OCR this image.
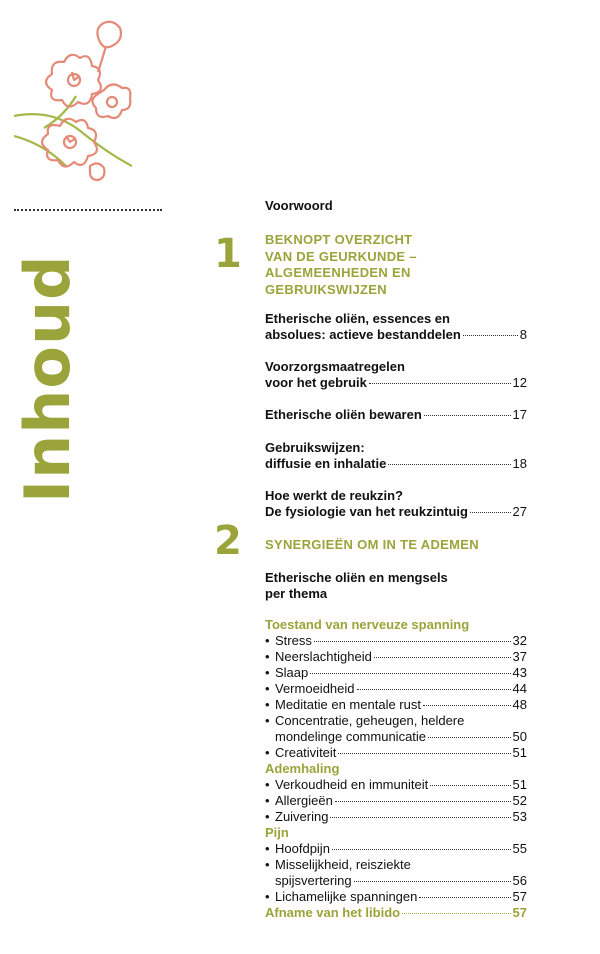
Inhoud
1
2
Voorwoord
BEKNOPT OVERZICHT
VAN DE GEURKUNDE –
ALGEMEENHEDEN EN
GEBRUIKSWIJZEN
Etherische oliën, essences en
absolues: actieve bestanddelen	8
Voorzorgsmaatregelen
voor het gebruik	12
Etherische oliën bewaren	17
Gebruikswijzen:
diffusie en inhalatie	18
Hoe werkt de reukzin?
De fysiologie van het reukzintuig	27
SYNERGIEËN OM IN TE ADEMEN
Etherische oliën en mengsels
per thema
Toestand van nerveuze spanning
• Stress	32
• Neerslachtigheid	37
• Slaap	43
• Vermoeidheid	44
• Meditatie en mentale rust	48
• Concentratie, geheugen, heldere
mondelinge communicatie	50
• Creativiteit	51
Ademhaling
• Verkoudheid en immuniteit	51
• Allergieën	52
• Zuivering	53
Pijn
• Hoofdpijn	55
• Misselijkheid, reisziekte
spijsvertering	56
• Lichamelijke spanningen	57
Afname van het libido	57
